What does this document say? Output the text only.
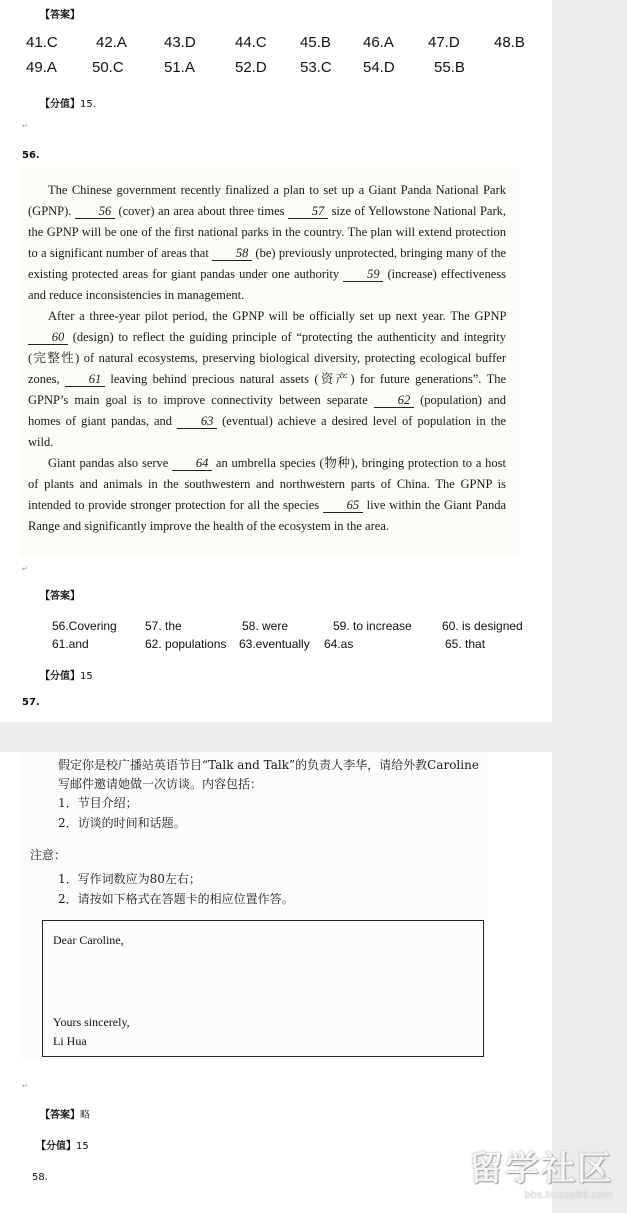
【答案】
41.C	42.A 43.D	44.C 45.B 46.A 47.D 48.B
49.A 50.C	51.A	52.D 53.C 54.D	55.B
【分值】15.
↵
56.

The Chinese government recently finalized a plan to set up a Giant Panda National Park (GPNP). 56 (cover) an area about three times 57 size of Yellowstone National Park, the GPNP will be one of the first national parks in the country. The plan will extend protection to a significant number of areas that 58 (be) previously unprotected, bringing many of the existing protected areas for giant pandas under one authority 59 (increase) effectiveness and reduce inconsistencies in management.

After a three-year pilot period, the GPNP will be officially set up next year. The GPNP 60 (design) to reflect the guiding principle of “protecting the authenticity and integrity (完整性) of natural ecosystems, preserving biological diversity, protecting ecological buffer zones, 61 leaving behind precious natural assets (资产) for future generations”. The GPNP’s main goal is to improve connectivity between separate 62 (population) and homes of giant pandas, and 63 (eventual) achieve a desired level of population in the wild.

Giant pandas also serve 64 an umbrella species (物种), bringing protection to a host of plants and animals in the southwestern and northwestern parts of China. The GPNP is intended to provide stronger protection for all the species 65 live within the Giant Panda Range and significantly improve the health of the ecosystem in the area.

↵
【答案】
56.Covering 57. the	58. were	59. to increase	60. is designed
61.and	62. populations 63.eventually 64.as	65. that
【分值】15
57.
假定你是校广播站英语节目“Talk and Talk”的负责人李华，请给外教Caroline写邮件邀请她做一次访谈。内容包括：
1．节目介绍；
2．访谈的时间和话题。
注意：
1．写作词数应为80左右；
2．请按如下格式在答题卡的相应位置作答。
Dear Caroline,
Yours sincerely,
Li Hua
↵
【答案】略
【分值】15
58.	留学社区
bbs.liuxue86.com
